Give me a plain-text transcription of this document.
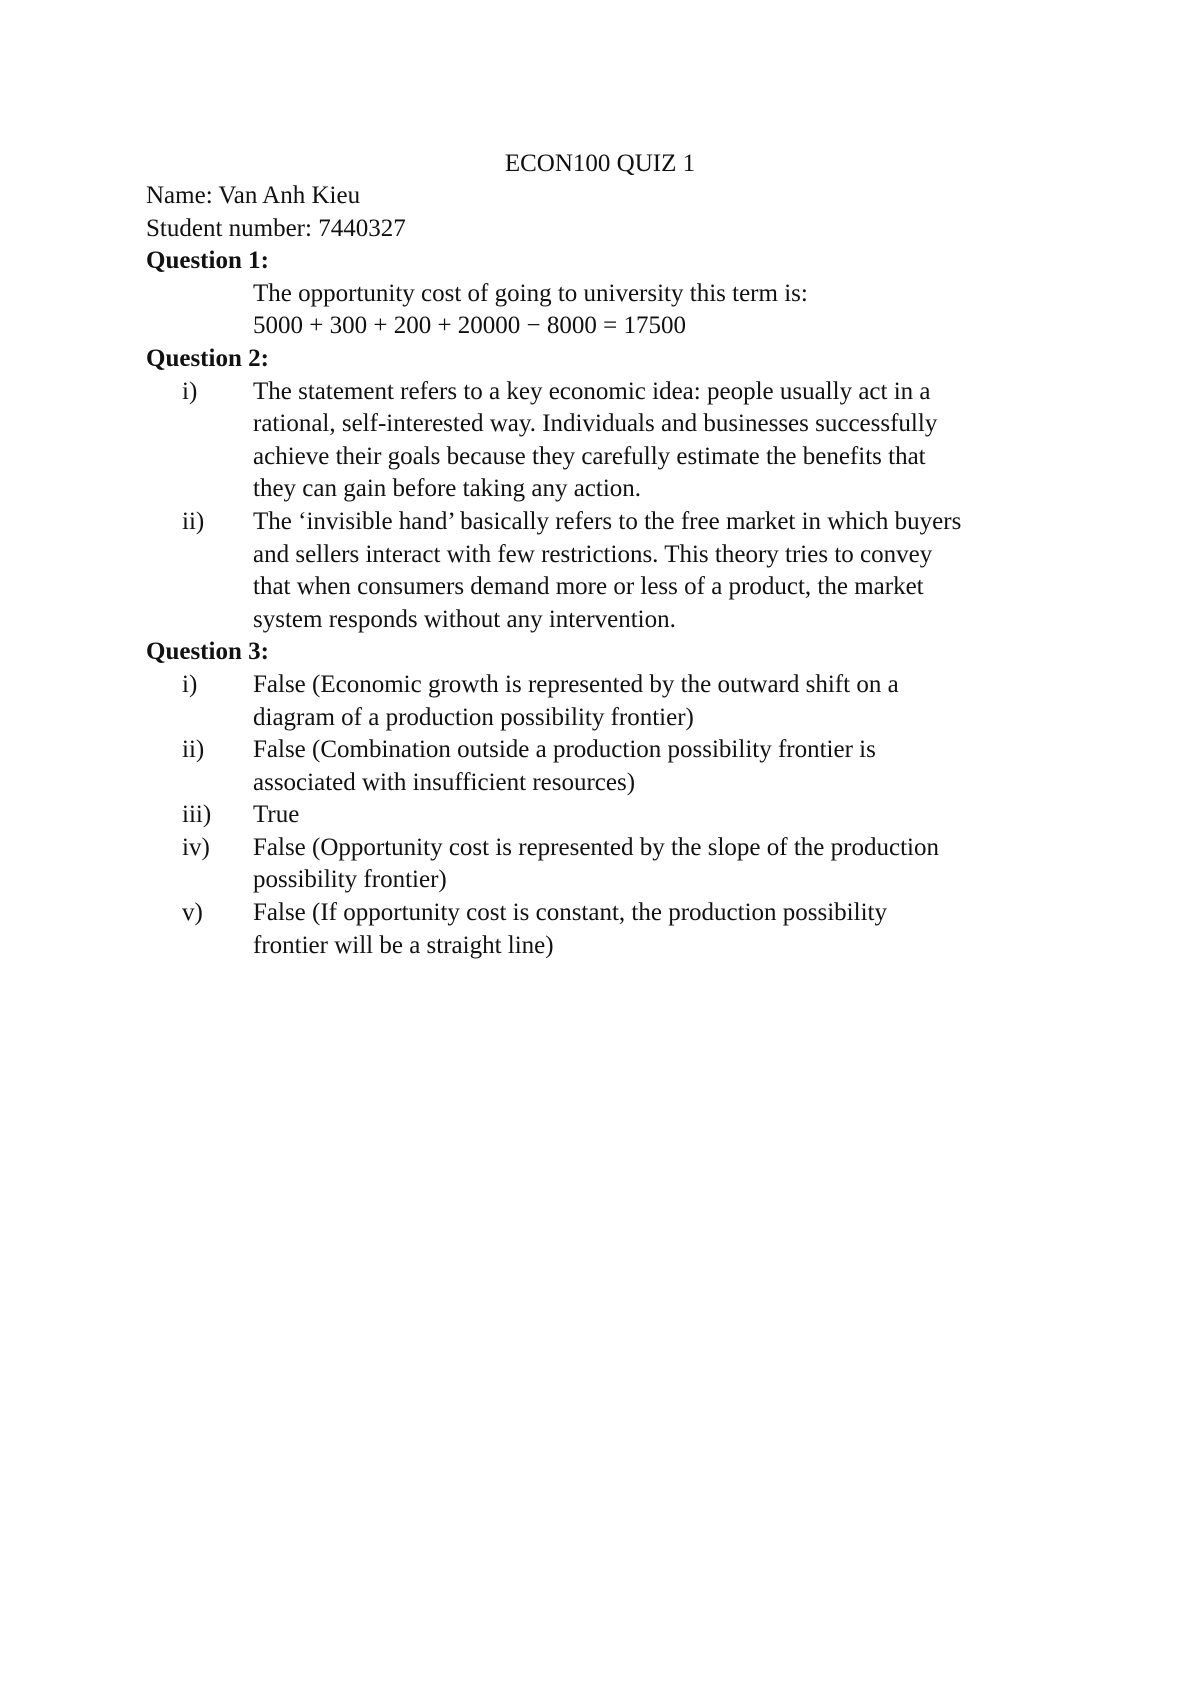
ECON100 QUIZ 1
Name: Van Anh Kieu
Student number: 7440327
Question 1:
The opportunity cost of going to university this term is:
5000 + 300 + 200 + 20000 − 8000 = 17500
Question 2:
i)	The statement refers to a key economic idea: people usually act in a
rational, self-interested way. Individuals and businesses successfully
achieve their goals because they carefully estimate the benefits that
they can gain before taking any action.
ii)	The ‘invisible hand’ basically refers to the free market in which buyers
and sellers interact with few restrictions. This theory tries to convey
that when consumers demand more or less of a product, the market
system responds without any intervention.
Question 3:
i)	False (Economic growth is represented by the outward shift on a
diagram of a production possibility frontier)
ii)	False (Combination outside a production possibility frontier is
associated with insufficient resources)
iii)	True
iv)	False (Opportunity cost is represented by the slope of the production
possibility frontier)
v)	False (If opportunity cost is constant, the production possibility
frontier will be a straight line)
